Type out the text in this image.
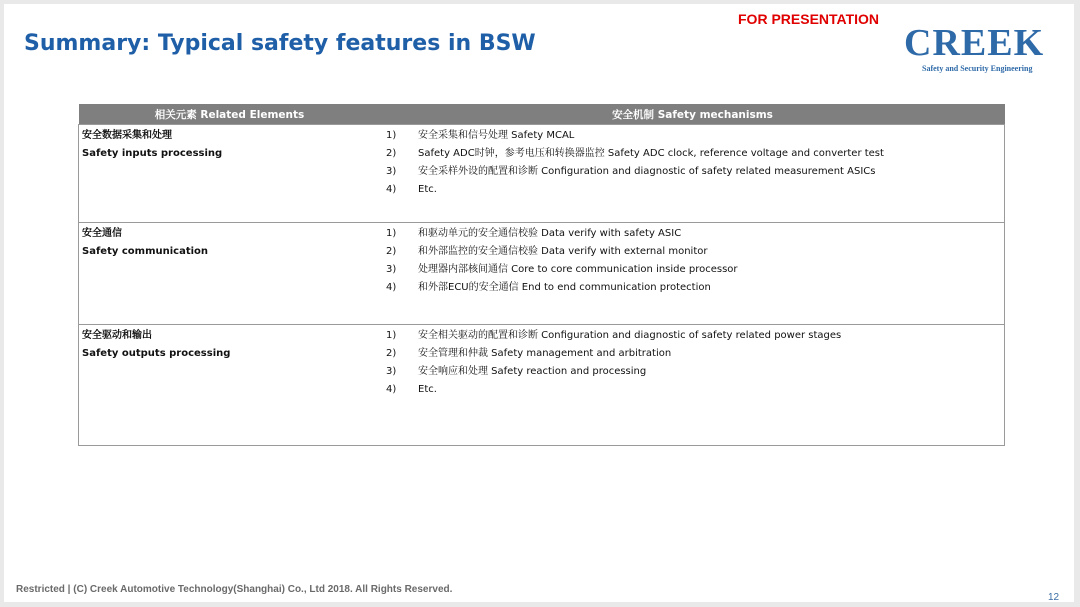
Summary: Typical safety features in BSW
FOR PRESENTATION
CREEK
Safety and Security Engineering
相关元素 Related Elements	安全机制 Safety mechanisms

安全数据采集和处理
Safety inputs processing
1)	安全采集和信号处理 Safety MCAL
2)	Safety ADC时钟，参考电压和转换器监控 Safety ADC clock, reference voltage and converter test
3)	安全采样外设的配置和诊断 Configuration and diagnostic of safety related measurement ASICs
4)	Etc.

安全通信
Safety communication
1)	和驱动单元的安全通信校验 Data verify with safety ASIC
2)	和外部监控的安全通信校验 Data verify with external monitor
3)	处理器内部核间通信 Core to core communication inside processor
4)	和外部ECU的安全通信 End to end communication protection

安全驱动和输出
Safety outputs processing
1)	安全相关驱动的配置和诊断 Configuration and diagnostic of safety related power stages
2)	安全管理和仲裁 Safety management and arbitration
3)	安全响应和处理 Safety reaction and processing
4)	Etc.
Restricted | (C) Creek Automotive Technology(Shanghai) Co., Ltd 2018. All Rights Reserved.
12
